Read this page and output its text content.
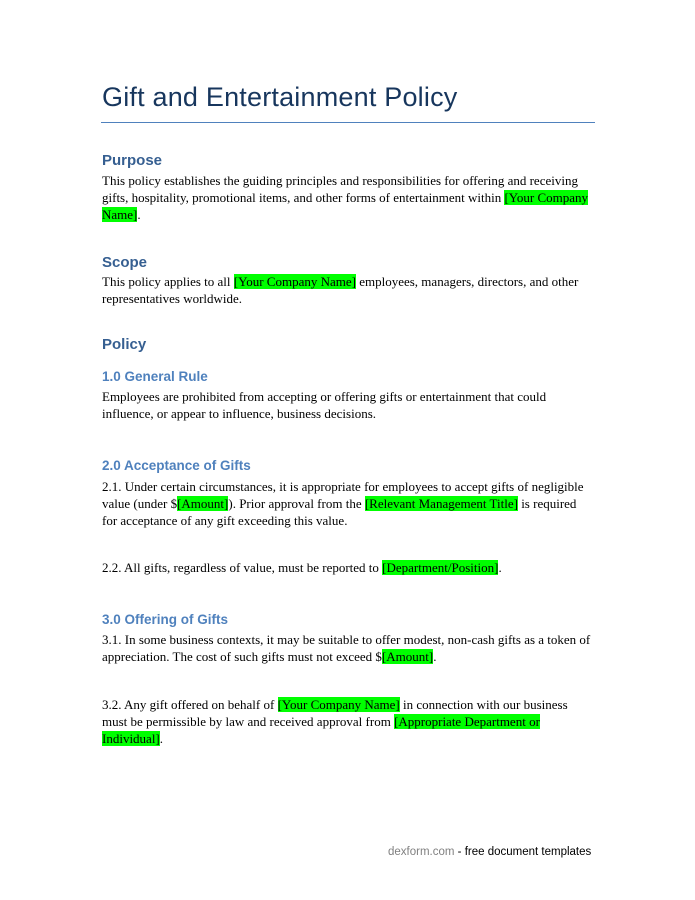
Gift and Entertainment Policy
Purpose

This policy establishes the guiding principles and responsibilities for offering and receiving gifts, hospitality, promotional items, and other forms of entertainment within [Your Company Name].

Scope

This policy applies to all [Your Company Name] employees, managers, directors, and other representatives worldwide.

Policy
1.0 General Rule

Employees are prohibited from accepting or offering gifts or entertainment that could influence, or appear to influence, business decisions.

2.0 Acceptance of Gifts

2.1. Under certain circumstances, it is appropriate for employees to accept gifts of negligible value (under $[Amount]). Prior approval from the [Relevant Management Title] is required for acceptance of any gift exceeding this value.

2.2. All gifts, regardless of value, must be reported to [Department/Position].

3.0 Offering of Gifts

3.1. In some business contexts, it may be suitable to offer modest, non-cash gifts as a token of appreciation. The cost of such gifts must not exceed $[Amount].

3.2. Any gift offered on behalf of [Your Company Name] in connection with our business must be permissible by law and received approval from [Appropriate Department or Individual].

dexform.com - free document templates
